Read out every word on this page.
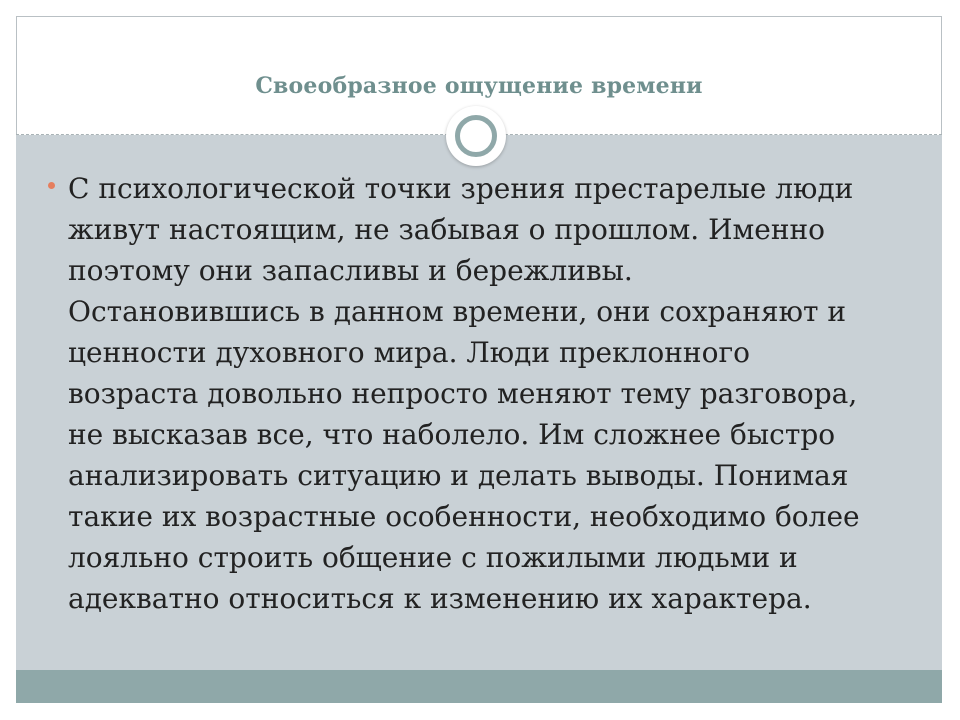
Своеобразное ощущение времени
С психологической точки зрения престарелые люди
живут настоящим, не забывая о прошлом. Именно
поэтому они запасливы и бережливы.
Остановившись в данном времени, они сохраняют и
ценности духовного мира. Люди преклонного
возраста довольно непросто меняют тему разговора,
не высказав все, что наболело. Им сложнее быстро
анализировать ситуацию и делать выводы. Понимая
такие их возрастные особенности, необходимо более
лояльно строить общение с пожилыми людьми и
адекватно относиться к изменению их характера.
